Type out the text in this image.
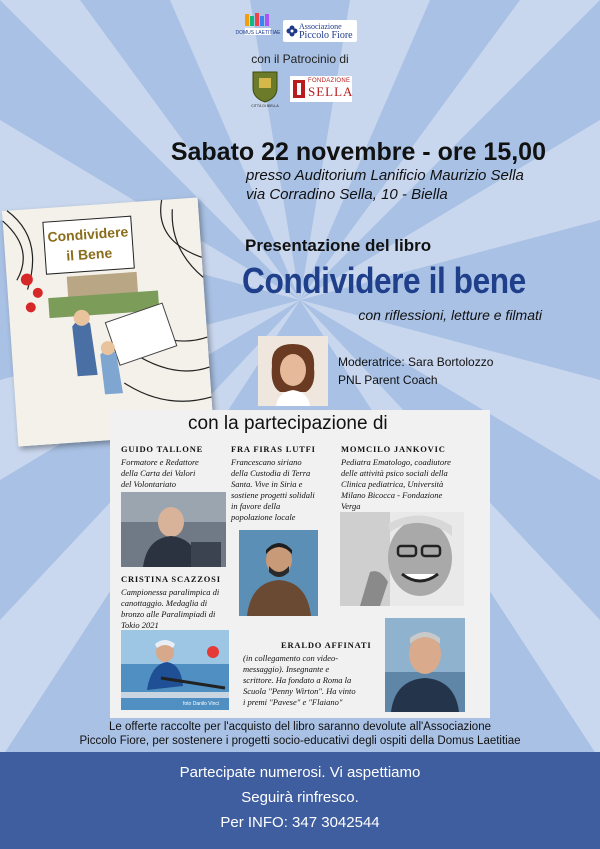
DOMUS LAETITIAE
Associazione
Piccolo Fiore
con il Patrocinio di
CITTÀ DI BIELLA
FONDAZIONE
SELLA
Sabato 22 novembre - ore 15,00
presso Auditorium Lanificio Maurizio Sella
via Corradino Sella, 10 - Biella
Condividere
il Bene	Presentazione del libro
Condividere il bene
con riflessioni, letture e filmati
Moderatrice: Sara Bortolozzo
PNL Parent Coach
con la partecipazione di
GUIDO TALLONE
Formatore e Redattore
della Carta dei Valori
del Volontariato
FRA FIRAS LUTFI
Francescano siriano
della Custodia di Terra
Santa. Vive in Siria e
sostiene progetti solidali
in favore della
popolazione locale
MOMCILO JANKOVIC
Pediatra Ematologo, coadiutore
delle attività psico sociali della
Clinica pediatrica, Università
Milano Bicocca - Fondazione
Verga
CRISTINA SCAZZOSI
Campionessa paralimpica di
canottaggio. Medaglia di
bronzo alle Paralimpiadi di
Tokio 2021
foto Danilo Vinci
ERALDO AFFINATI
(in collegamento con video-
messaggio). Insegnante e
scrittore. Ha fondato a Roma la
Scuola "Penny Wirton". Ha vinto
i premi "Pavese" e "Flaiano"
Le offerte raccolte per l'acquisto del libro saranno devolute all'Associazione
Piccolo Fiore, per sostenere i progetti socio-educativi degli ospiti della Domus Laetitiae
Partecipate numerosi. Vi aspettiamo
Seguirà rinfresco.
Per INFO: 347 3042544
